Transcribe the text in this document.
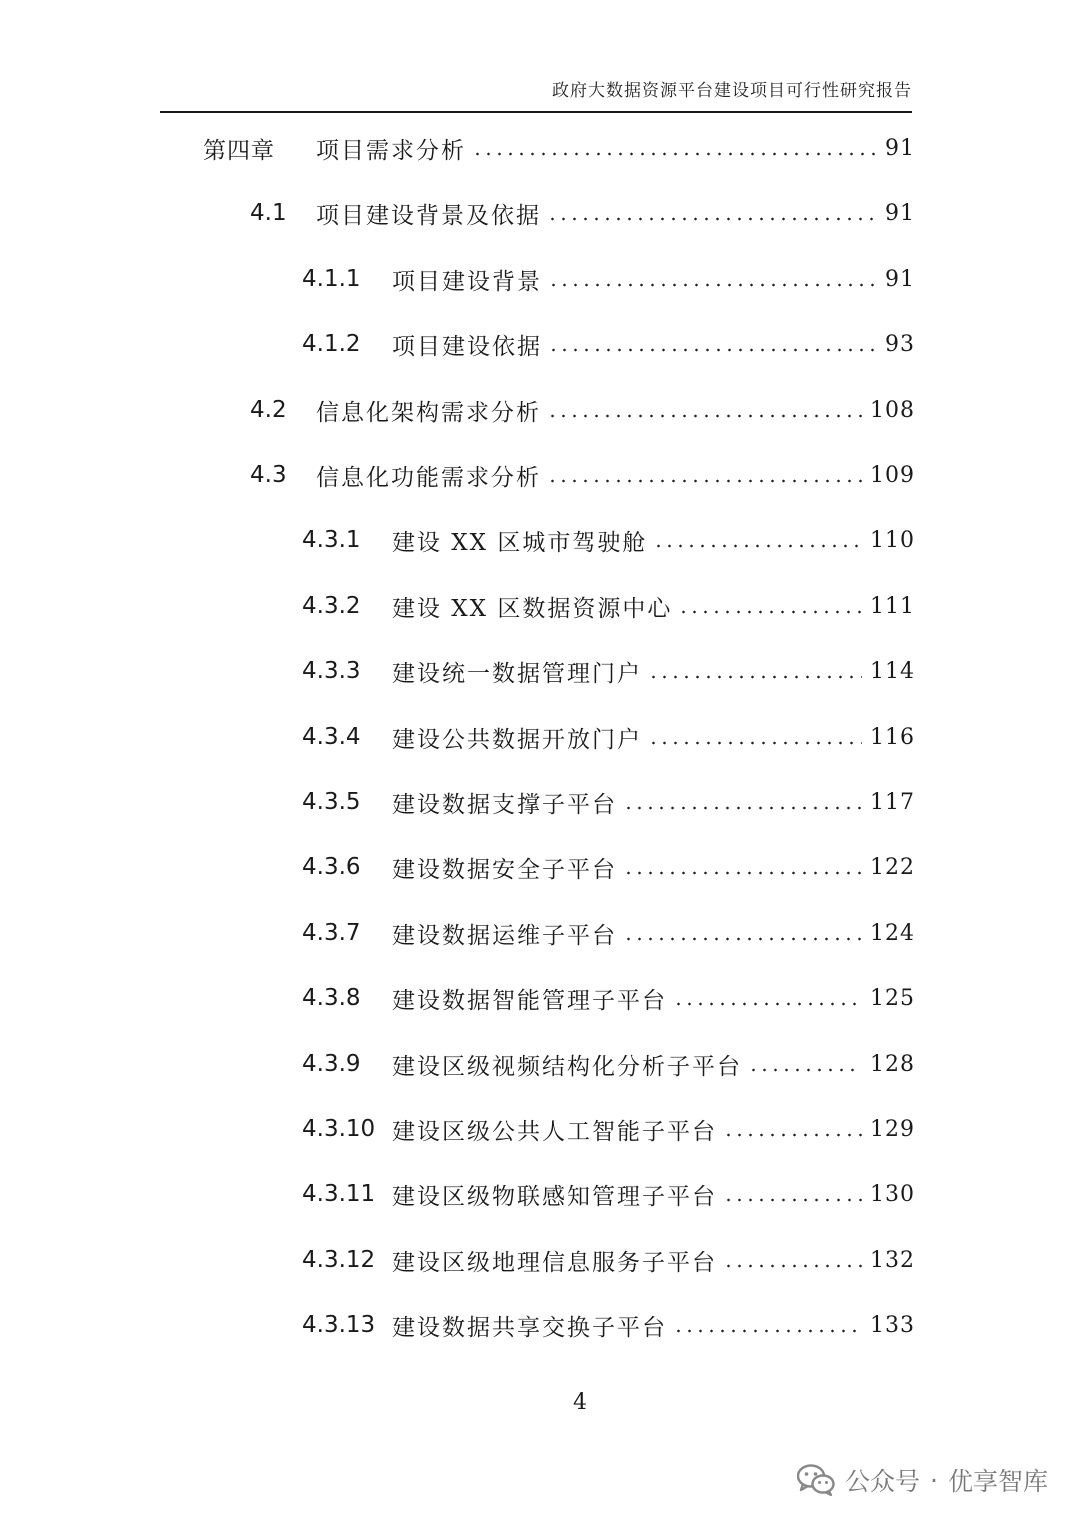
政府大数据资源平台建设项目可行性研究报告
第四章	项目需求分析	91
4.1	项目建设背景及依据	91
4.1.1	项目建设背景	91
4.1.2	项目建设依据	93
4.2	信息化架构需求分析	108
4.3	信息化功能需求分析	109
4.3.1	建设 XX 区城市驾驶舱	110
4.3.2	建设 XX 区数据资源中心	111
4.3.3	建设统一数据管理门户	114
4.3.4	建设公共数据开放门户	116
4.3.5	建设数据支撑子平台	117
4.3.6	建设数据安全子平台	122
4.3.7	建设数据运维子平台	124
4.3.8	建设数据智能管理子平台	125
4.3.9	建设区级视频结构化分析子平台	128
4.3.10 建设区级公共人工智能子平台	129
4.3.11 建设区级物联感知管理子平台	130
4.3.12 建设区级地理信息服务子平台	132
4.3.13 建设数据共享交换子平台	133
4
公众号 · 优享智库
